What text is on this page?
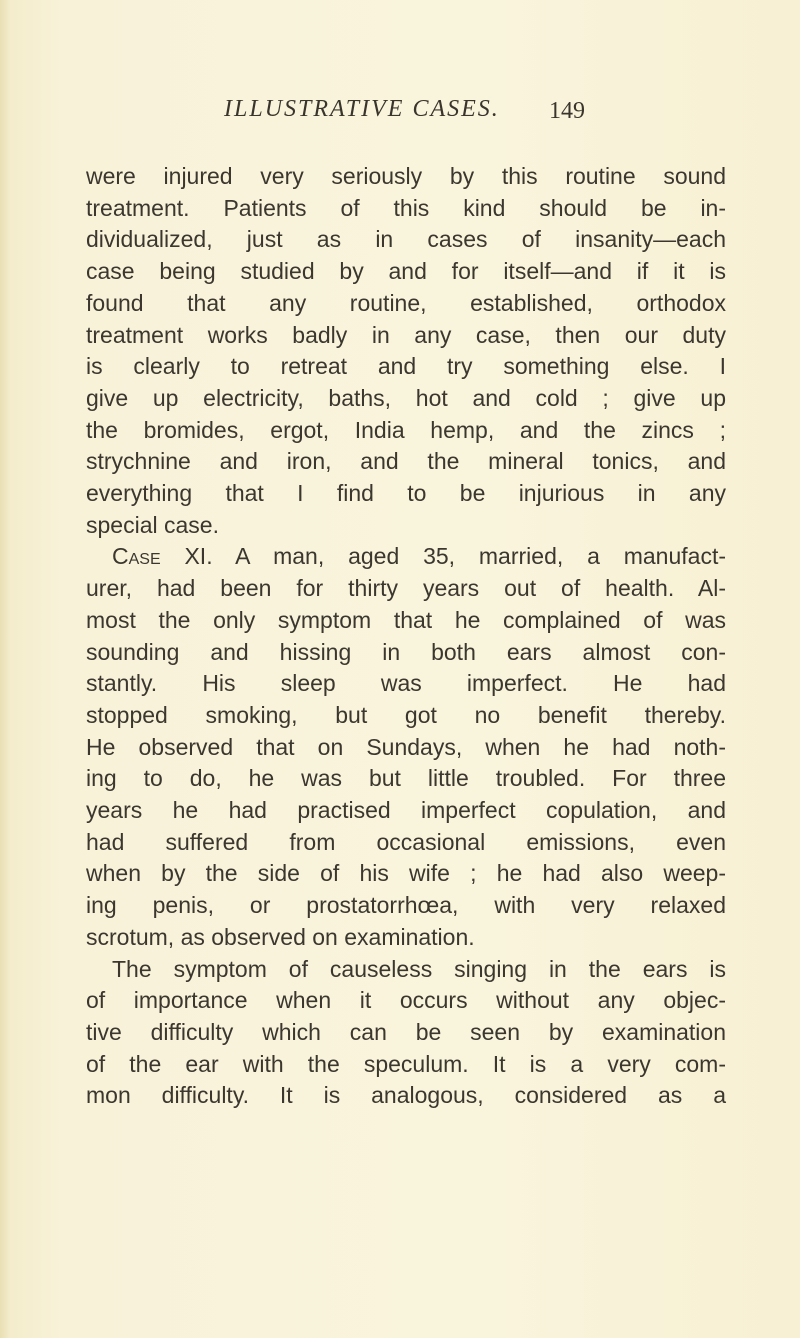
ILLUSTRATIVE CASES. 149

were injured very seriously by this routine sound
treatment. Patients of this kind should be in-
dividualized, just as in cases of insanity—each
case being studied by and for itself—and if it is
found that any routine, established, orthodox
treatment works badly in any case, then our duty
is clearly to retreat and try something else. I
give up electricity, baths, hot and cold ; give up
the bromides, ergot, India hemp, and the zincs ;
strychnine and iron, and the mineral tonics, and
everything that I find to be injurious in any
special case.

Case XI. A man, aged 35, married, a manufact-
urer, had been for thirty years out of health. Al-
most the only symptom that he complained of was
sounding and hissing in both ears almost con-
stantly. His sleep was imperfect. He had
stopped smoking, but got no benefit thereby.
He observed that on Sundays, when he had noth-
ing to do, he was but little troubled. For three
years he had practised imperfect copulation, and
had suffered from occasional emissions, even
when by the side of his wife ; he had also weep-
ing penis, or prostatorrhœa, with very relaxed
scrotum, as observed on examination.

The symptom of causeless singing in the ears is
of importance when it occurs without any objec-
tive difficulty which can be seen by examination
of the ear with the speculum. It is a very com-
mon difficulty. It is analogous, considered as a
